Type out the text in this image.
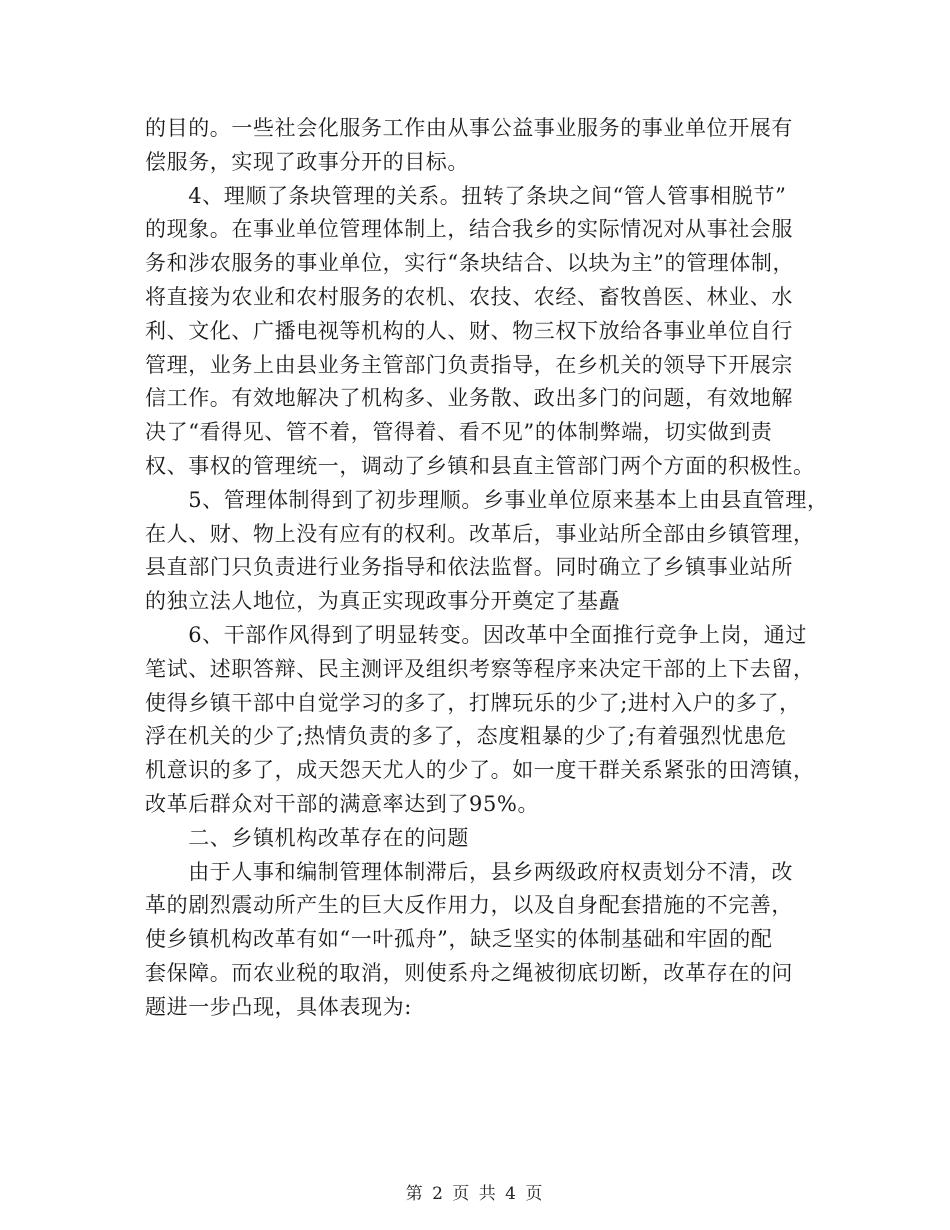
的目的。一些社会化服务工作由从事公益事业服务的事业单位开展有
偿服务，实现了政事分开的目标。
　　4、理顺了条块管理的关系。扭转了条块之间“管人管事相脱节”
的现象。在事业单位管理体制上，结合我乡的实际情况对从事社会服
务和涉农服务的事业单位，实行“条块结合、以块为主”的管理体制，
将直接为农业和农村服务的农机、农技、农经、畜牧兽医、林业、水
利、文化、广播电视等机构的人、财、物三权下放给各事业单位自行
管理，业务上由县业务主管部门负责指导，在乡机关的领导下开展宗
信工作。有效地解决了机构多、业务散、政出多门的问题，有效地解
决了“看得见、管不着，管得着、看不见”的体制弊端，切实做到责
权、事权的管理统一，调动了乡镇和县直主管部门两个方面的积极性。
　　5、管理体制得到了初步理顺。乡事业单位原来基本上由县直管理，
在人、财、物上没有应有的权利。改革后，事业站所全部由乡镇管理，
县直部门只负责进行业务指导和依法监督。同时确立了乡镇事业站所
的独立法人地位，为真正实现政事分开奠定了基矗
　　6、干部作风得到了明显转变。因改革中全面推行竞争上岗，通过
笔试、述职答辩、民主测评及组织考察等程序来决定干部的上下去留，
使得乡镇干部中自觉学习的多了，打牌玩乐的少了;进村入户的多了，
浮在机关的少了;热情负责的多了，态度粗暴的少了;有着强烈忧患危
机意识的多了，成天怨天尤人的少了。如一度干群关系紧张的田湾镇，
改革后群众对干部的满意率达到了95%。
　　二、乡镇机构改革存在的问题
　　由于人事和编制管理体制滞后，县乡两级政府权责划分不清，改
革的剧烈震动所产生的巨大反作用力，以及自身配套措施的不完善，
使乡镇机构改革有如“一叶孤舟”，缺乏坚实的体制基础和牢固的配
套保障。而农业税的取消，则使系舟之绳被彻底切断，改革存在的问
题进一步凸现，具体表现为:
第 2 页 共 4 页
